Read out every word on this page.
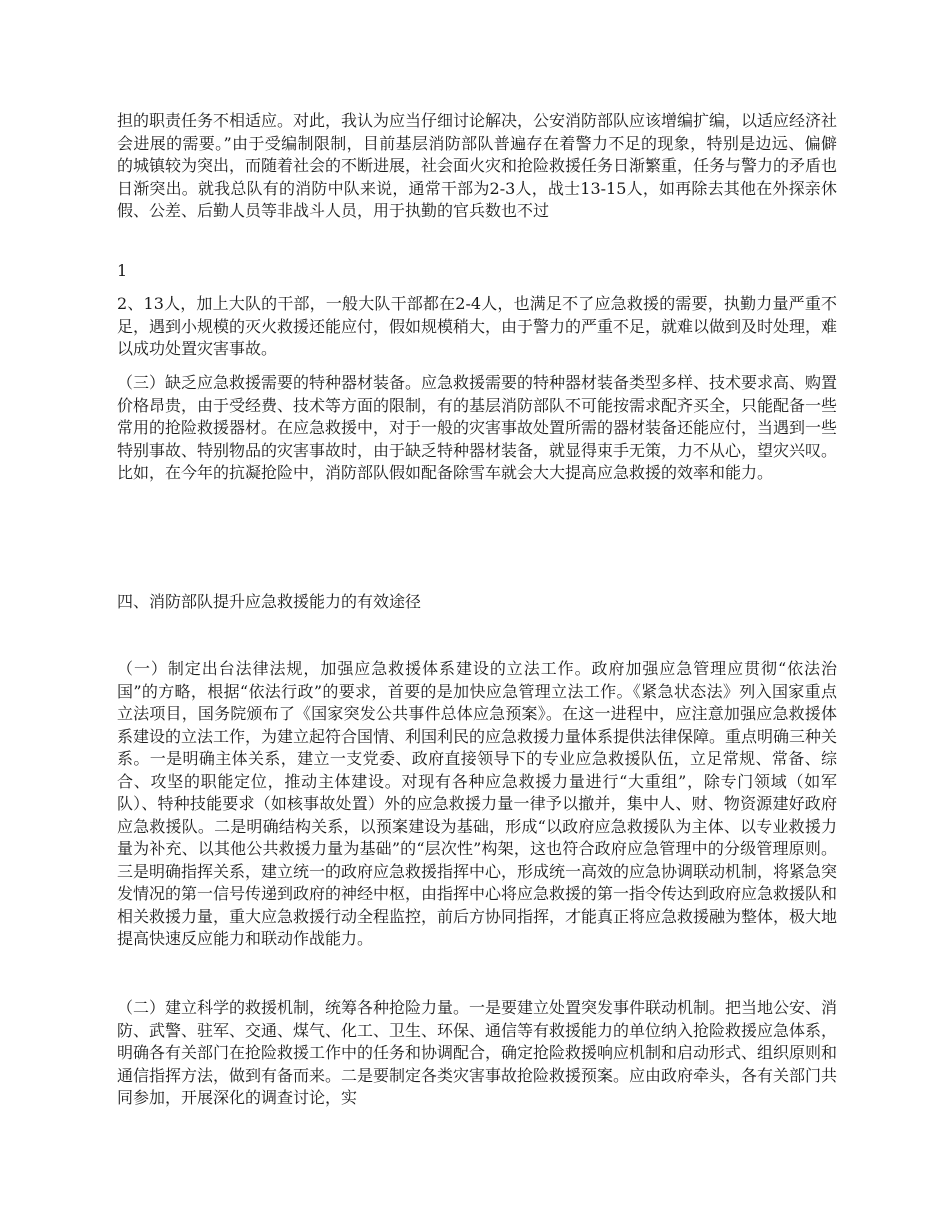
担的职责任务不相适应。对此，我认为应当仔细讨论解决，公安消防部队应该增编扩编，以适应经济社会进展的需要。”由于受编制限制，目前基层消防部队普遍存在着警力不足的现象，特别是边远、偏僻的城镇较为突出，而随着社会的不断进展，社会面火灾和抢险救援任务日渐繁重，任务与警力的矛盾也日渐突出。就我总队有的消防中队来说，通常干部为2-3人，战士13-15人，如再除去其他在外探亲休假、公差、后勤人员等非战斗人员，用于执勤的官兵数也不过

1

2、13人，加上大队的干部，一般大队干部都在2-4人，也满足不了应急救援的需要，执勤力量严重不足，遇到小规模的灭火救援还能应付，假如规模稍大，由于警力的严重不足，就难以做到及时处理，难以成功处置灾害事故。

（三）缺乏应急救援需要的特种器材装备。应急救援需要的特种器材装备类型多样、技术要求高、购置价格昂贵，由于受经费、技术等方面的限制，有的基层消防部队不可能按需求配齐买全，只能配备一些常用的抢险救援器材。在应急救援中，对于一般的灾害事故处置所需的器材装备还能应付，当遇到一些特别事故、特别物品的灾害事故时，由于缺乏特种器材装备，就显得束手无策，力不从心，望灾兴叹。比如，在今年的抗凝抢险中，消防部队假如配备除雪车就会大大提高应急救援的效率和能力。

四、消防部队提升应急救援能力的有效途径

（一）制定出台法律法规，加强应急救援体系建设的立法工作。政府加强应急管理应贯彻“依法治国”的方略，根据“依法行政”的要求，首要的是加快应急管理立法工作。《紧急状态法》列入国家重点立法项目，国务院颁布了《国家突发公共事件总体应急预案》。在这一进程中，应注意加强应急救援体系建设的立法工作，为建立起符合国情、利国利民的应急救援力量体系提供法律保障。重点明确三种关系。一是明确主体关系，建立一支党委、政府直接领导下的专业应急救援队伍，立足常规、常备、综合、攻坚的职能定位，推动主体建设。对现有各种应急救援力量进行“大重组”，除专门领域（如军队）、特种技能要求（如核事故处置）外的应急救援力量一律予以撤并，集中人、财、物资源建好政府应急救援队。二是明确结构关系，以预案建设为基础，形成“以政府应急救援队为主体、以专业救援力量为补充、以其他公共救援力量为基础”的“层次性”构架，这也符合政府应急管理中的分级管理原则。三是明确指挥关系，建立统一的政府应急救援指挥中心，形成统一高效的应急协调联动机制，将紧急突发情况的第一信号传递到政府的神经中枢，由指挥中心将应急救援的第一指令传达到政府应急救援队和相关救援力量，重大应急救援行动全程监控，前后方协同指挥，才能真正将应急救援融为整体，极大地提高快速反应能力和联动作战能力。

（二）建立科学的救援机制，统筹各种抢险力量。一是要建立处置突发事件联动机制。把当地公安、消防、武警、驻军、交通、煤气、化工、卫生、环保、通信等有救援能力的单位纳入抢险救援应急体系，明确各有关部门在抢险救援工作中的任务和协调配合，确定抢险救援响应机制和启动形式、组织原则和通信指挥方法，做到有备而来。二是要制定各类灾害事故抢险救援预案。应由政府牵头，各有关部门共同参加，开展深化的调查讨论，实
